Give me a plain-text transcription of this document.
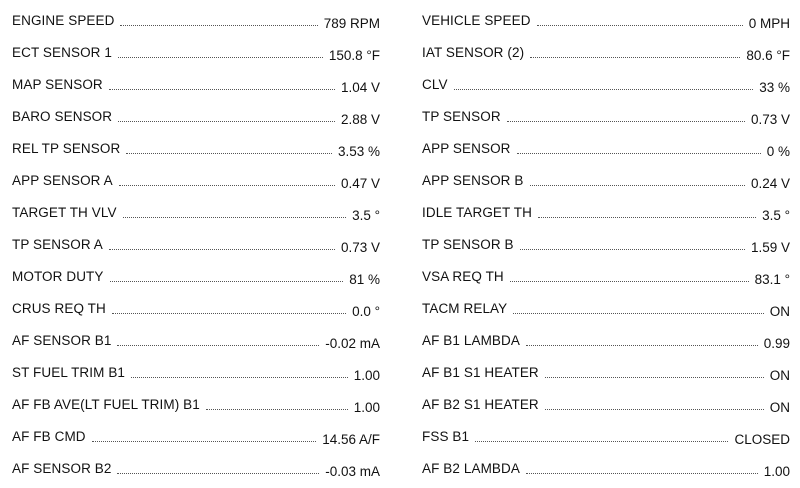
ENGINE SPEED	789 RPM
ECT SENSOR 1	150.8 °F
MAP SENSOR	1.04 V
BARO SENSOR	2.88 V
REL TP SENSOR	3.53 %
APP SENSOR A	0.47 V
TARGET TH VLV	3.5 °
TP SENSOR A	0.73 V
MOTOR DUTY	81 %
CRUS REQ TH	0.0 °
AF SENSOR B1	-0.02 mA
ST FUEL TRIM B1	1.00
AF FB AVE(LT FUEL TRIM) B1	1.00
AF FB CMD	14.56 A/F
AF SENSOR B2	-0.03 mA
VEHICLE SPEED	0 MPH
IAT SENSOR (2)	80.6 °F
CLV	33 %
TP SENSOR	0.73 V
APP SENSOR	0 %
APP SENSOR B	0.24 V
IDLE TARGET TH	3.5 °
TP SENSOR B	1.59 V
VSA REQ TH	83.1 °
TACM RELAY	ON
AF B1 LAMBDA	0.99
AF B1 S1 HEATER	ON
AF B2 S1 HEATER	ON
FSS B1	CLOSED
AF B2 LAMBDA	1.00
